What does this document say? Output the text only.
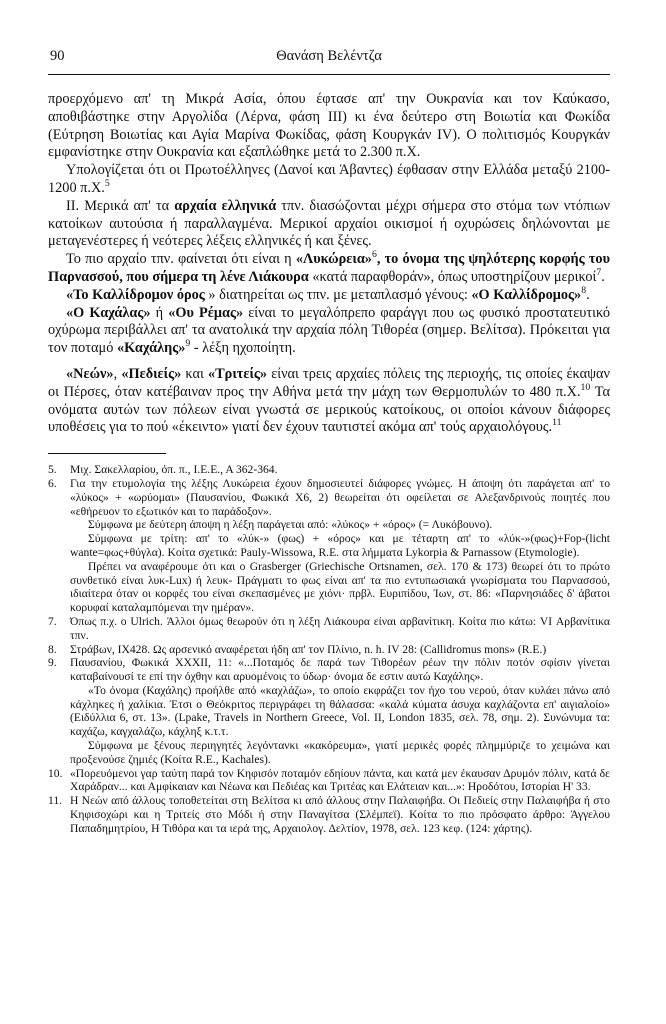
90	Θανάση Βελέντζα

προερχόμενο απ' τη Μικρά Ασία, όπου έφτασε απ' την Ουκρανία και τον Καύκασο, αποθιβάστηκε στην Αργολίδα (Λέρνα, φάση ΙΙΙ) κι ένα δεύτερο στη Βοιωτία και Φωκίδα (Εύτρηση Βοιωτίας και Αγία Μαρίνα Φωκίδας, φάση Κουργκάν IV). Ο πολιτισμός Κουργκάν εμφανίστηκε στην Ουκρανία και εξαπλώθηκε μετά το 2.300 π.Χ.

Υπολογίζεται ότι οι Πρωτοέλληνες (Δανοί και Άβαντες) έφθασαν στην Ελλάδα μεταξύ 2100-1200 π.Χ.$^5$

ΙΙ. Μερικά απ' τα αρχαία ελληνικά τπν. διασώζονται μέχρι σήμερα στο στόμα των ντόπιων κατοίκων αυτούσια ή παραλλαγμένα. Μερικοί αρχαίοι οικισμοί ή οχυρώσεις δηλώνονται με μεταγενέστερες ή νεότερες λέξεις ελληνικές ή και ξένες.

Το πιο αρχαίο τπν. φαίνεται ότι είναι η «Λυκώρεια»$^6$, το όνομα της ψηλότερης κορφής του Παρνασσού, που σήμερα τη λένε Λιάκουρα «κατά παραφθοράν», όπως υποστηρίζουν μερικοί$^7$.

«Το Καλλίδρομον όρος » διατηρείται ως τπν. με μεταπλασμό γένους: «Ο Καλλίδρομος»$^8$.

«Ο Καχάλας» ή «Ου Ρέμας» είναι το μεγαλόπρεπο φαράγγι που ως φυσικό προστατευτικό οχύρωμα περιβάλλει απ' τα ανατολικά την αρχαία πόλη Τιθορέα (σημερ. Βελίτσα). Πρόκειται για τον ποταμό «Καχάλης»$^9$ - λέξη ηχοποίητη.

«Νεών», «Πεδιείς» και «Τριτείς» είναι τρεις αρχαίες πόλεις της περιοχής, τις οποίες έκαψαν οι Πέρσες, όταν κατέβαιναν προς την Αθήνα μετά την μάχη των Θερμοπυλών το 480 π.Χ.$^{10}$ Τα ονόματα αυτών των πόλεων είναι γνωστά σε μερικούς κατοίκους, οι οποίοι κάνουν διάφορες υποθέσεις για το πού «έκειντο» γιατί δεν έχουν ταυτιστεί ακόμα απ' τούς αρχαιολόγους.$^{11}$

5.	Μιχ. Σακελλαρίου, όπ. π., Ι.Ε.Ε., Α 362-364.
6.	Για την ετυμολογία της λέξης Λυκώρεια έχουν δημοσιευτεί διάφορες γνώμες. Η άποψη ότι παράγεται απ' το «λύκος» + «ωρύομαι» (Παυσανίου, Φωκικά Χ6, 2) θεωρείται ότι οφείλεται σε Αλεξανδρινούς ποιητές που «εθήρευον το εξωτικόν και το παράδοξον».
Σύμφωνα με δεύτερη άποψη η λέξη παράγεται από: «λύκος» + «όρος» (= Λυκόβουνο).
Σύμφωνα με τρίτη: απ' το «λύκ-» (φως) + «όρος» και με τέταρτη απ' το «λύκ-»(φως)+Fop-(licht wante=φως+θύγλα). Κοίτα σχετικά: Pauly-Wissowa, R.E. στα λήμματα Lykorpia & Parnassow (Etymologie).
Πρέπει να αναφέρουμε ότι και ο Grasberger (Griechische Ortsnamen, σελ. 170 & 173) θεωρεί ότι το πρώτο συνθετικό είναι λυκ-Lux) ή λευκ- Πράγματι το φως είναι απ' τα πιο εντυπωσιακά γνωρίσματα του Παρνασσού, ιδιαίτερα όταν οι κορφές του είναι σκεπασμένες με χιόνι· πρβλ. Ευριπίδου, Ίων, στ. 86: «Παρνησιάδες δ' άβατοι κορυφαί καταλαμπόμεναι την ημέραν».
7.	Όπως π.χ. ο Ulrich. Άλλοι όμως θεωρούν ότι η λέξη Λιάκουρα είναι αρβανίτικη. Κοίτα πιο κάτω: VI Αρβανίτικα τπν.
8.	Στράβων, ΙΧ428. Ως αρσενικό αναφέρεται ήδη απ' τον Πλίνιο, n. h. IV 28: (Callidromus mons» (R.E.)
9.	Παυσανίου, Φωκικά ΧΧΧΙΙ, 11: «...Ποταμός δε παρά των Τιθορέων ρέων την πόλιν ποτόν σφίσιν γίνεται καταβαίνουσί τε επί την όχθην και αρυομένοις το ύδωρ· όνομα δε εστιν αυτώ Καχάλης».
«Το όνομα (Καχάλης) προήλθε από «καχλάζω», το οποίο εκφράζει τον ήχο του νερού, όταν κυλάει πάνω από κάχληκες ή χαλίκια. Έτσι ο Θεόκριτος περιγράφει τη θάλασσα: «καλά κύματα άσυχα καχλάζοντα επ' αιγιαλοίο» (Ειδύλλια 6, στ. 13». (Lpake, Travels in Northern Greece, Vol. II, London 1835, σελ. 78, σημ. 2). Συνώνυμα τα: καχάζω, καγχαλάζω, κάχληξ κ.τ.τ.
Σύμφωνα με ξένους περιηγητές λεγόντανκι «κακόρευμα», γιατί μερικές φορές πλημμύριζε το χειμώνα και προξενούσε ζημιές (Κοίτα R.E., Kachales).
10. «Πορευόμενοι γαρ ταύτη παρά τον Κηφισόν ποταμόν εδηίουν πάντα, και κατά μεν έκαυσαν Δρυμόν πόλιν, κατά δε Χαράδραν... και Αμφίκαιαν και Νέωνα και Πεδιέας και Τριτέας και Ελάτειαν και...»: Ηροδότου, Ιστορίαι Η' 33.
11. Η Νεών από άλλους τοποθετείται στη Βελίτσα κι από άλλους στην Παλαιφήβα. Οι Πεδιείς στην Παλαιφήβα ή στο Κηφισοχώρι και η Τριτείς στο Μόδι ή στην Παναγίτσα (Σλέμπεϊ). Κοίτα το πιο πρόσφατο άρθρο: Άγγελου Παπαδημητρίου, Η Τιθόρα και τα ιερά της, Αρχαιολογ. Δελτίον, 1978, σελ. 123 κεφ. (124: χάρτης).
